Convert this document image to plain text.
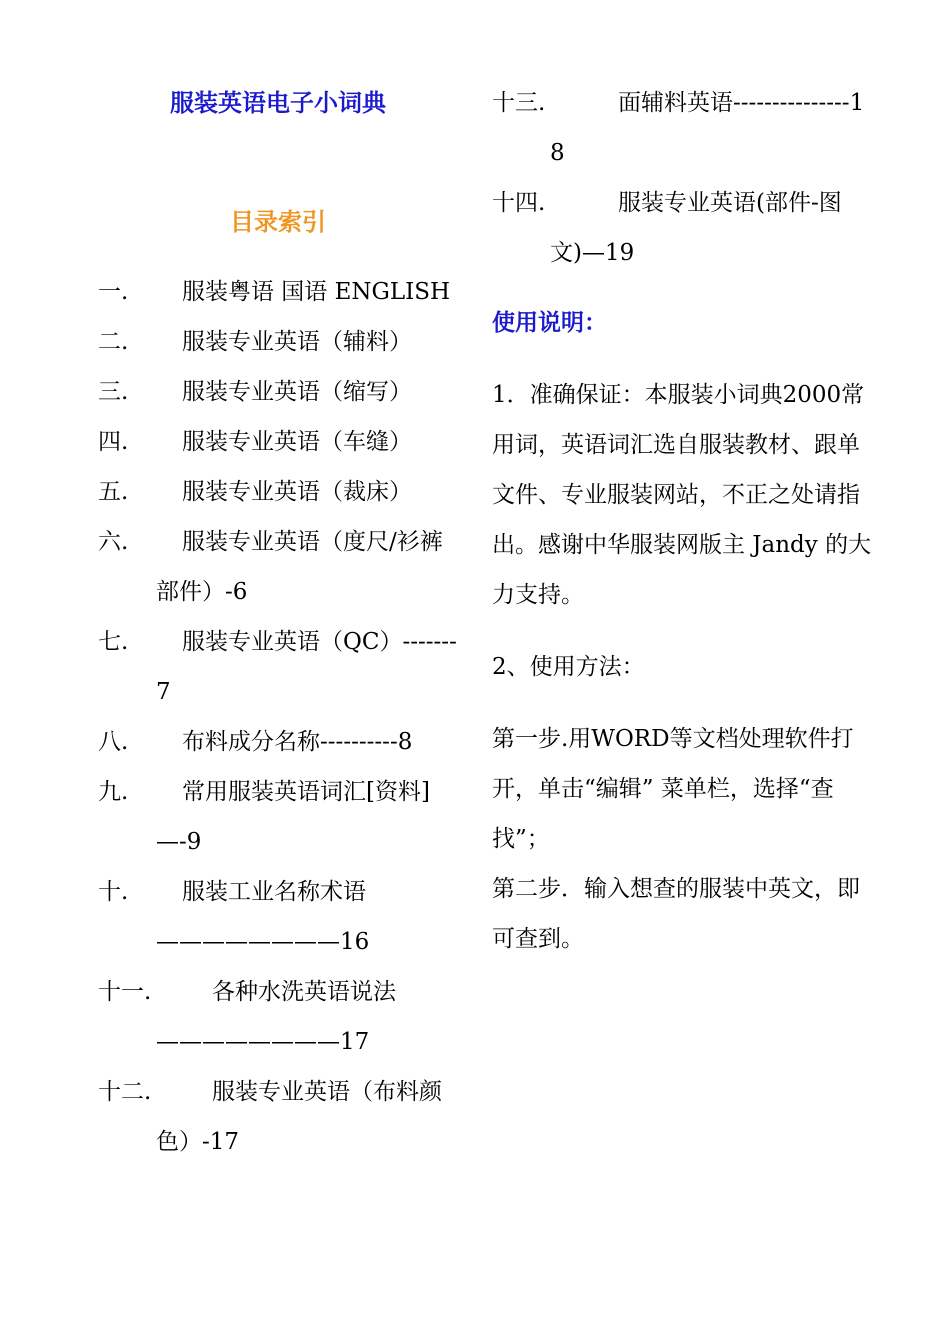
服装英语电子小词典
目录索引
一.	服装粤语 国语 ENGLISH
二.	服装专业英语（辅料）
三.	服装专业英语（缩写）
四.	服装专业英语（车缝）
五.	服装专业英语（裁床）
六.	服装专业英语（度尺/衫裤部件）-6
七.	服装专业英语（QC）-------7
八.	布料成分名称----------8
九.	常用服装英语词汇[资料]—-9
十.	服装工业名称术语————————16
十一.	各种水洗英语说法————————17
十二.	服装专业英语（布料颜色）-17
十三.	面辅料英语---------------18
十四.	服装专业英语(部件-图文)—19
使用说明：
1．准确保证：本服装小词典2000常用词，英语词汇选自服装教材、跟单文件、专业服装网站，不正之处请指出。感谢中华服装网版主 Jandy 的大力支持。
2、使用方法：
第一步.用WORD等文档处理软件打开，单击“编辑” 菜单栏，选择“查找”；
第二步．输入想查的服装中英文，即可查到。
